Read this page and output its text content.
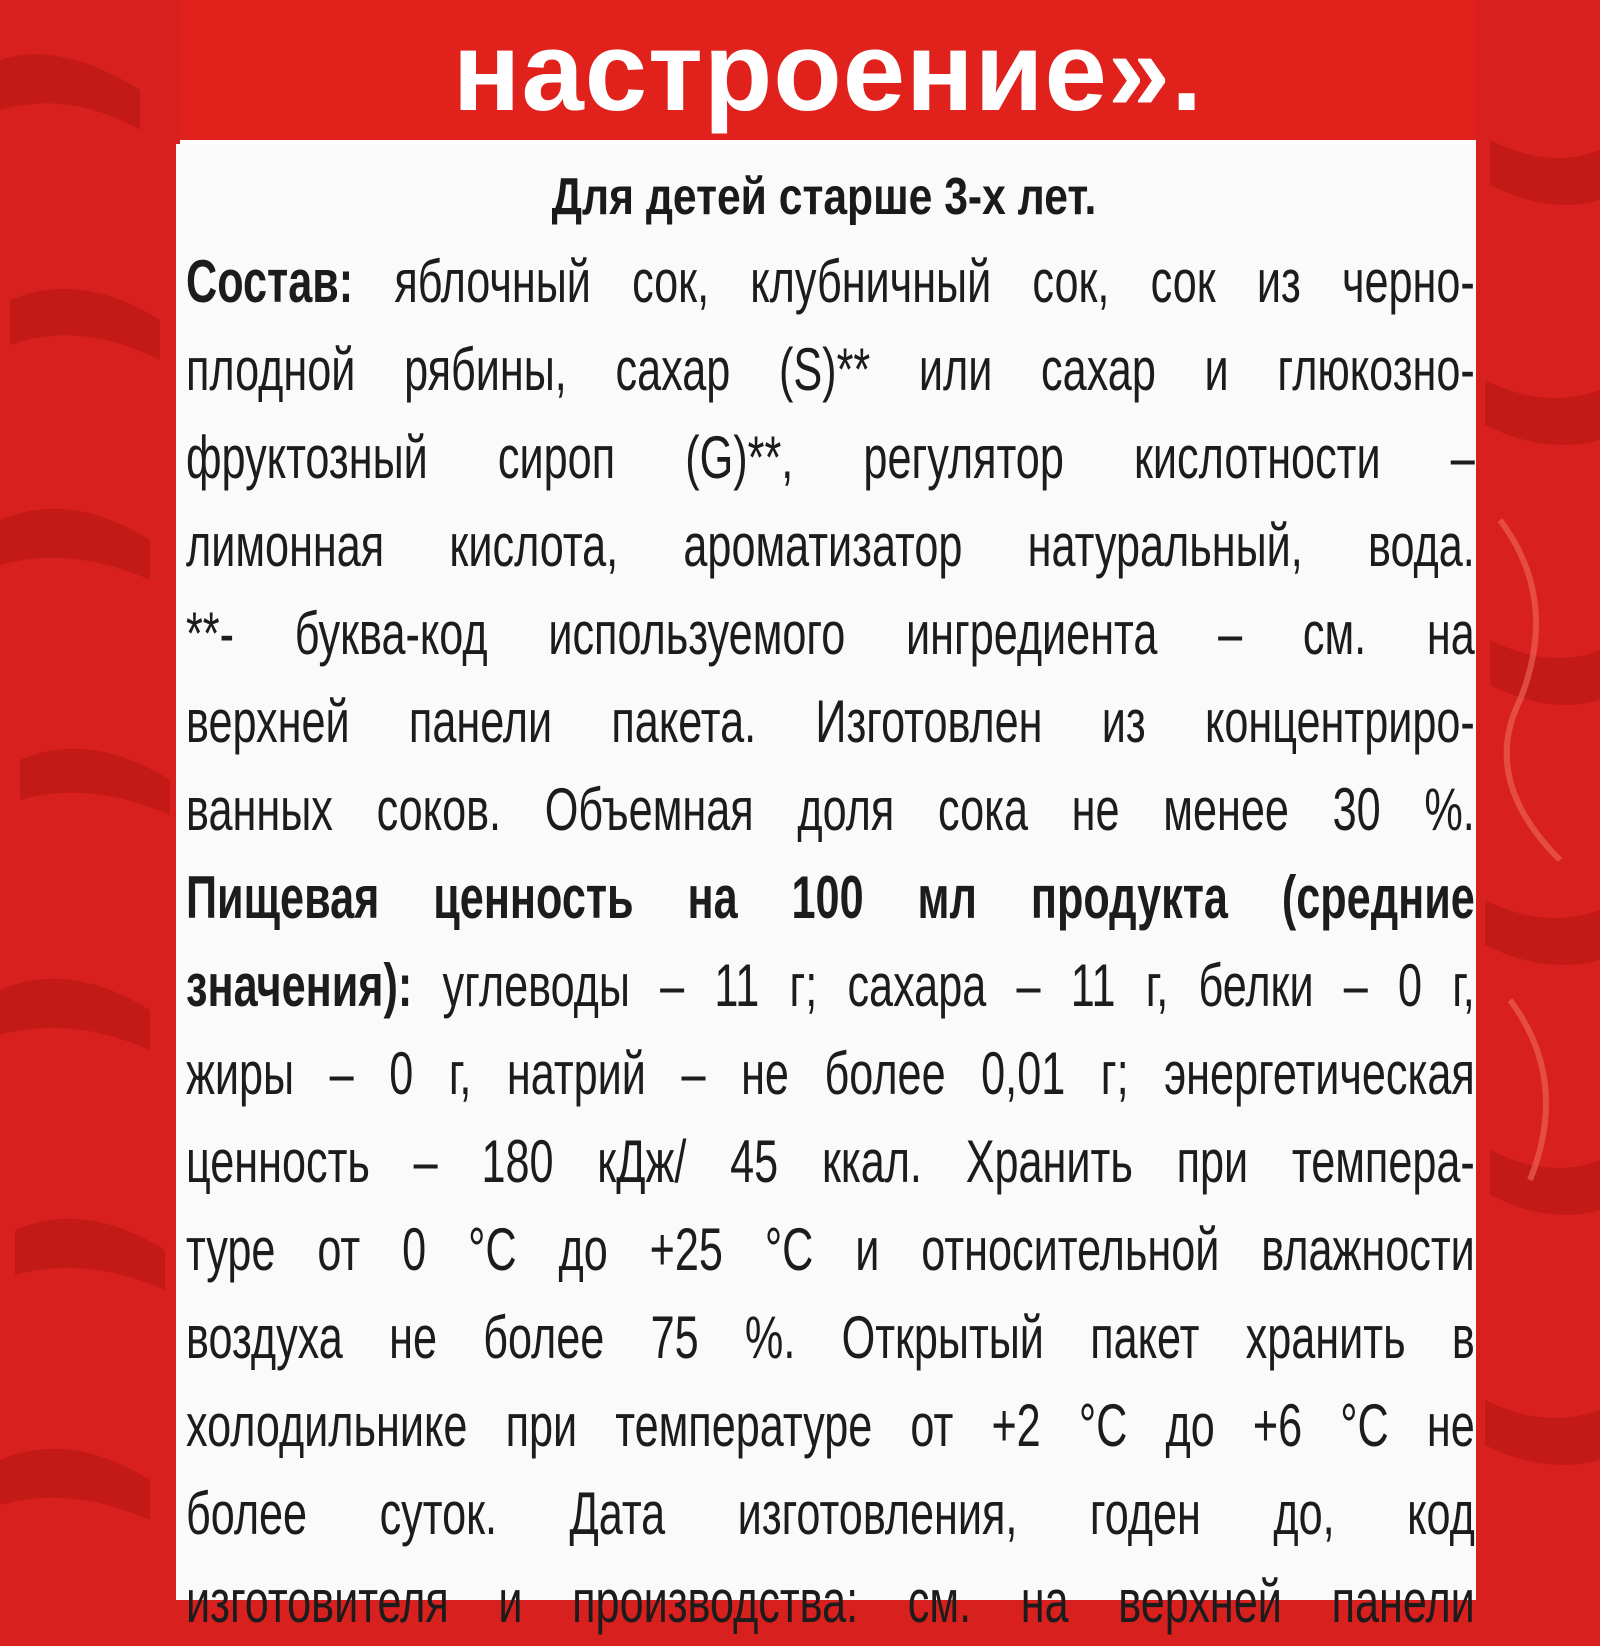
настроение».
Для детей старше 3-х лет.
Состав: яблочный сок, клубничный сок, сок из черно-
плодной рябины, сахар (S)** или сахар и глюкозно-
фруктозный сироп (G)**, регулятор кислотности –
лимонная кислота, ароматизатор натуральный, вода.
**- буква-код используемого ингредиента – см. на
верхней панели пакета. Изготовлен из концентриро-
ванных соков. Объемная доля сока не менее 30 %.
Пищевая ценность на 100 мл продукта (средние
значения): углеводы – 11 г; сахара – 11 г, белки – 0 г,
жиры – 0 г, натрий – не более 0,01 г; энергетическая
ценность – 180 кДж/ 45 ккал. Хранить при темпера-
туре от 0 °С до +25 °С и относительной влажности
воздуха не более 75 %. Открытый пакет хранить в
холодильнике при температуре от +2 °С до +6 °С не
более суток. Дата изготовления, годен до, код
изготовителя и производства: см. на верхней панели
